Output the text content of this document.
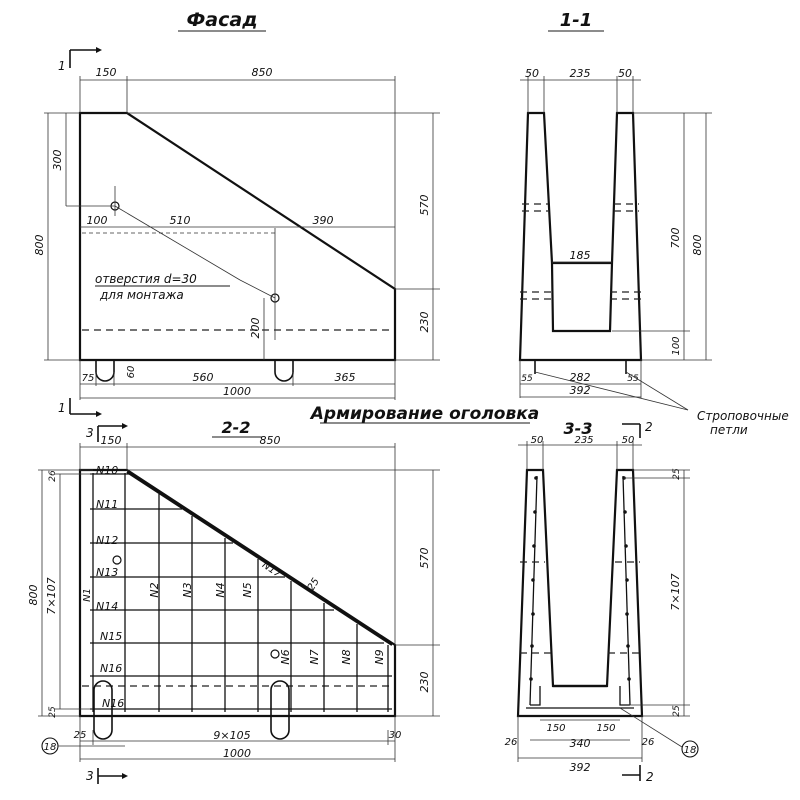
Фасад	1-1
Армирование оголовка
2-2	3-3
1
1
3
3
2
2
150	850
300
800
570
230
100	510	390
200
отверстия d=30
для монтажа
75
60	560	365
1000
50	235	50
185
700 800
100
55	282	55
392
Строповочные
петли
N10
N11
N12
N13
N14
N1	N2 N3 N4 N5
N15
N16
N16
N6 N7 N8 N9
N17
25
150	850
26
800 7×107
25
570
230
25	9×105	30
1000
18
50	235	50
25
7×107
25
150
340
150
26	26
392
18
